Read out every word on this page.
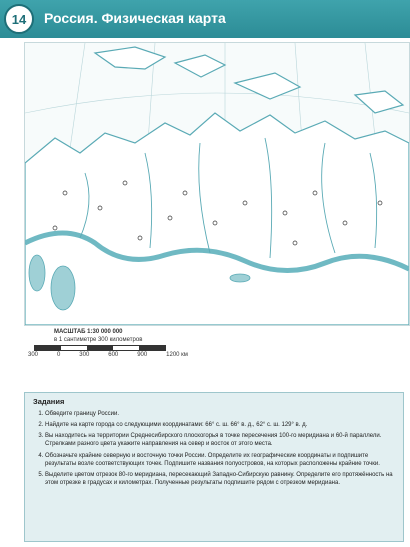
14	Россия. Физическая карта
МАСШТАБ 1:30 000 000
в 1 сантиметре 300 километров
300	0	300	600	900	1200 км
Задания
1. Обведите границу России.
2. Найдите на карте города со следующими координатами: 66° с. ш. 66° в. д., 62° с. ш. 129° в. д.
3. Вы находитесь на территории Среднесибирского плоскогорья в точке пересечения 100-го меридиана и 60-й параллели. Стрелками разного цвета укажите направления на север и восток от этого места.
4. Обозначьте крайние северную и восточную точки России. Определите их географические координаты и подпишите результаты возле соответствующих точек. Подпишите названия полуостровов, на которых расположены крайние точки.
5. Выделите цветом отрезок 80-го меридиана, пересекающий Западно-Сибирскую равнину. Определите его протяжённость на этом отрезке в градусах и километрах. Полученные результаты подпишите рядом с отрезком меридиана.
